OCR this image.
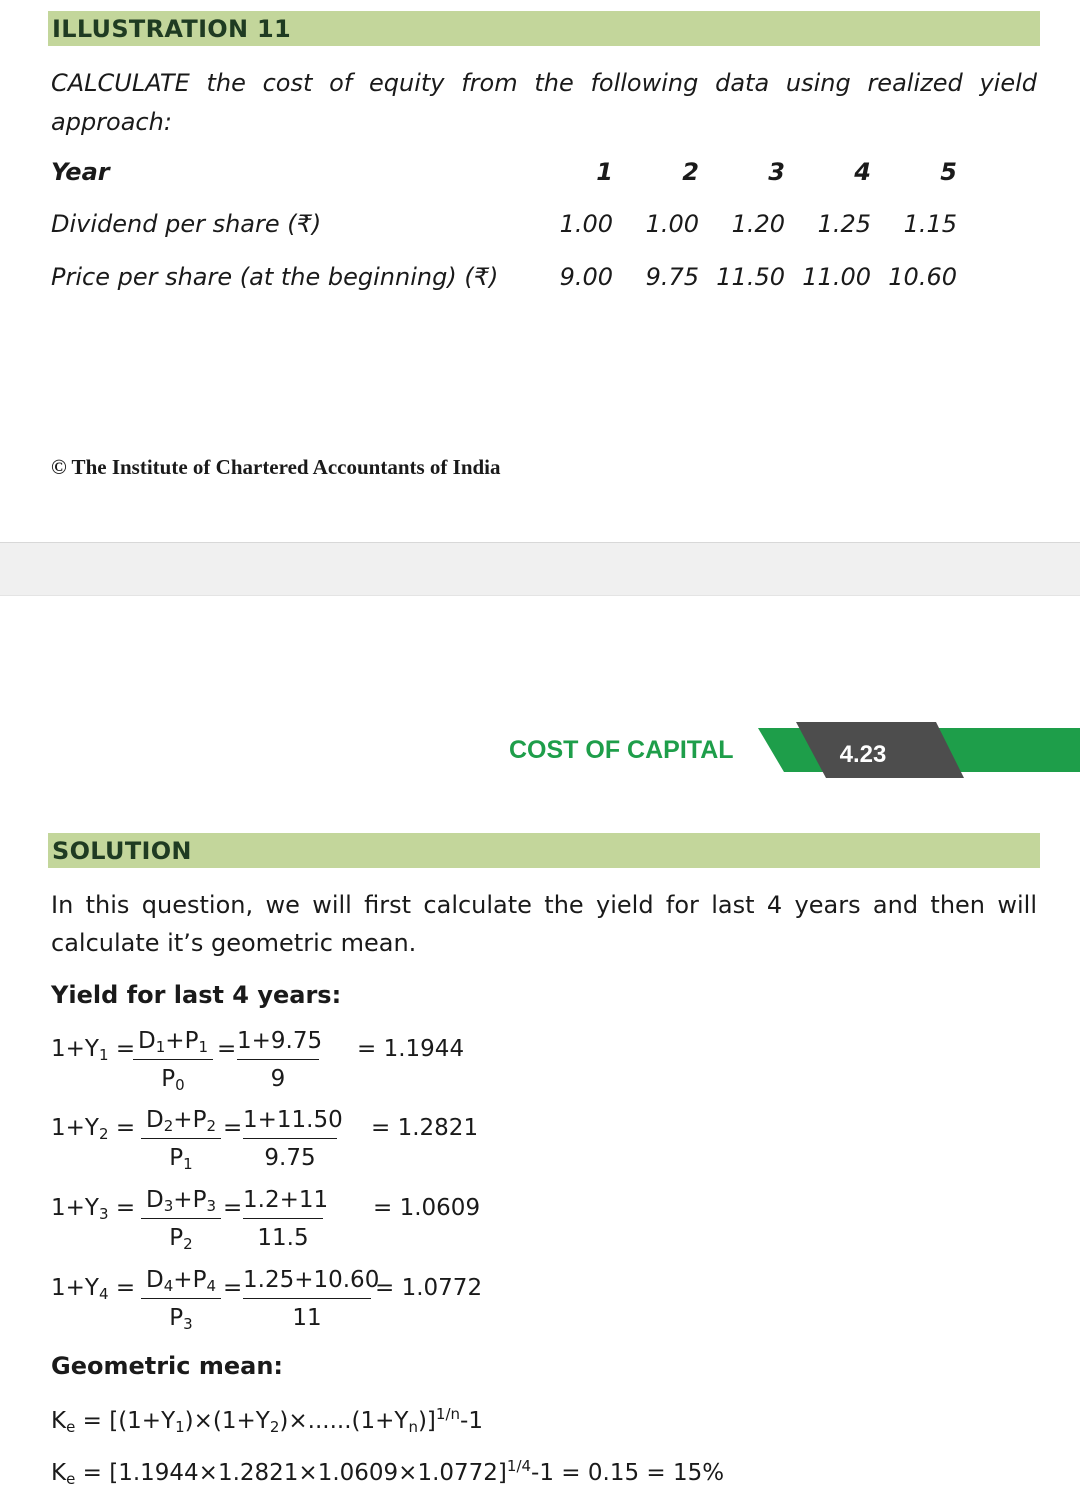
ILLUSTRATION 11
CALCULATE the cost of equity from the following data using realized yield approach:
Year	1	2	3	4	5
Dividend per share (₹)	1.00	1.00	1.20	1.25	1.15
Price per share (at the beginning) (₹)	9.00	9.75 11.50 11.00 10.60
© The Institute of Chartered Accountants of India
COST OF CAPITAL	4.23
SOLUTION
In this question, we will first calculate the yield for last 4 years and then will calculate it’s geometric mean.
Yield for last 4 years:
$1+Y_1 = D_1+P_1$
$P_0$
= 1+9.75
9
= 1.1944
$1+Y_2 = D_2+P_2$
$P_1$
= 1+11.50
9.75
= 1.2821
$1+Y_3 = D_3+P_3$
$P_2$
= 1.2+11
11.5
= 1.0609
$1+Y_4 = D_4+P_4$
$P_3$
= 1.25+10.60
11
= 1.0772
Geometric mean:
$K_e = [(1+Y_1)\times(1+Y_2)\times......(1+Y_n)]^{1/n}-1$
$K_e = [1.1944\times 1.2821\times 1.0609\times 1.0772]^{1/4}-1 = 0.15 = 15\%$
